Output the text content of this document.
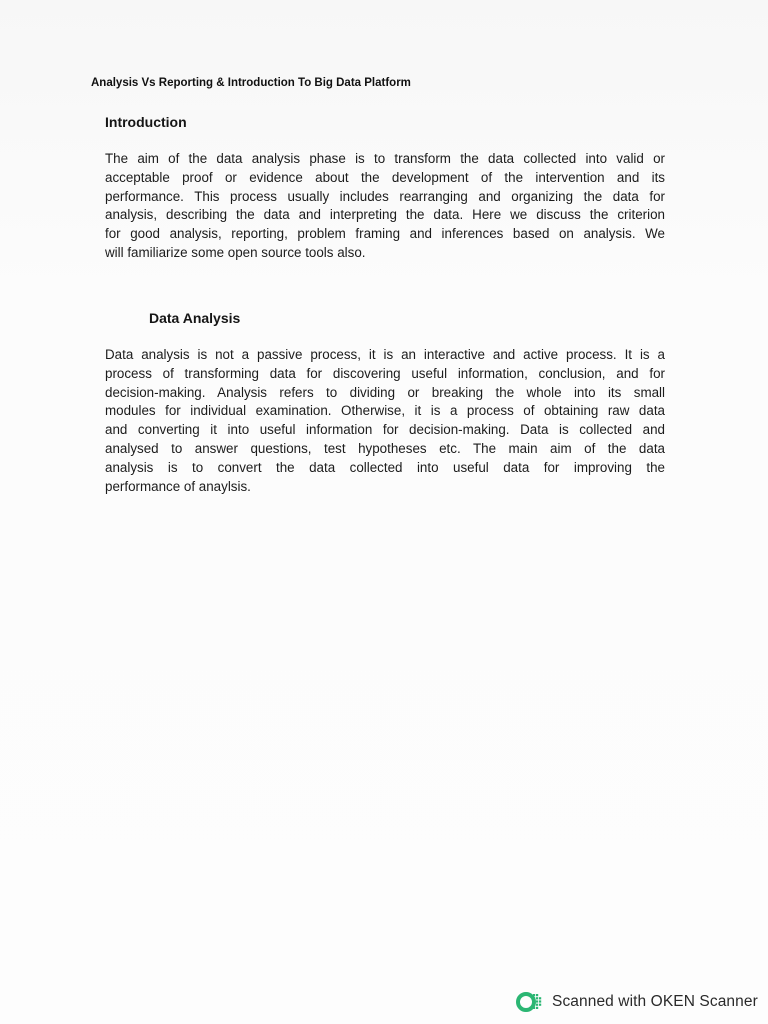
Analysis Vs Reporting & Introduction To Big Data Platform
Introduction
The aim of the data analysis phase is to transform the data collected into valid or
acceptable proof or evidence about the development of the intervention and its
performance. This process usually includes rearranging and organizing the data for
analysis, describing the data and interpreting the data. Here we discuss the criterion
for good analysis, reporting, problem framing and inferences based on analysis. We
will familiarize some open source tools also.
Data Analysis
Data analysis is not a passive process, it is an interactive and active process. It is a
process of transforming data for discovering useful information, conclusion, and for
decision-making. Analysis refers to dividing or breaking the whole into its small
modules for individual examination. Otherwise, it is a process of obtaining raw data
and converting it into useful information for decision-making. Data is collected and
analysed to answer questions, test hypotheses etc. The main aim of the data
analysis is to convert the data collected into useful data for improving the
performance of anaylsis.
Scanned with OKEN Scanner
